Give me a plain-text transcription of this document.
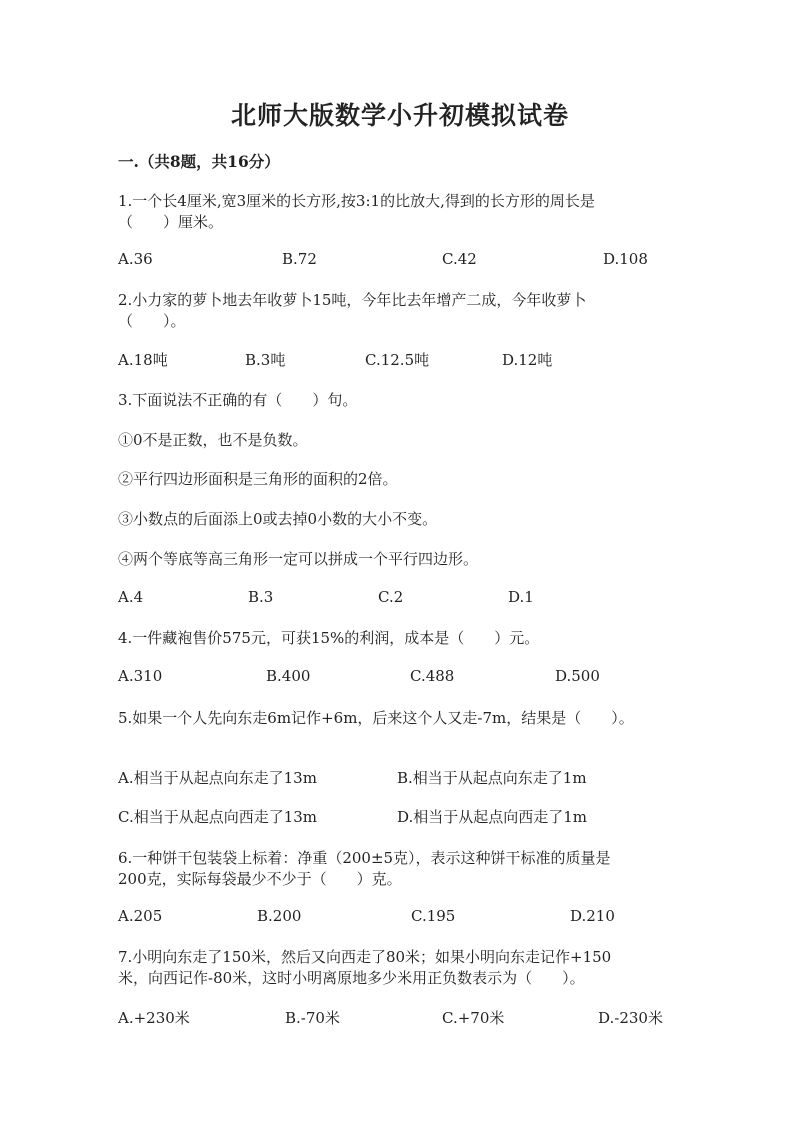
北师大版数学小升初模拟试卷
一.（共8题，共16分）
1.一个长4厘米,宽3厘米的长方形,按3:1的比放大,得到的长方形的周长是
（　　）厘米。
A.36	B.72	C.42	D.108
2.小力家的萝卜地去年收萝卜15吨，今年比去年增产二成，今年收萝卜
（　　）。
A.18吨	B.3吨	C.12.5吨	D.12吨
3.下面说法不正确的有（　　）句。
①0不是正数，也不是负数。
②平行四边形面积是三角形的面积的2倍。
③小数点的后面添上0或去掉0小数的大小不变。
④两个等底等高三角形一定可以拼成一个平行四边形。
A.4	B.3	C.2	D.1
4.一件藏袍售价575元，可获15%的利润，成本是（　　）元。
A.310	B.400	C.488	D.500
5.如果一个人先向东走6m记作+6m，后来这个人又走-7m，结果是（　　）。
A.相当于从起点向东走了13m	B.相当于从起点向东走了1m
C.相当于从起点向西走了13m	D.相当于从起点向西走了1m
6.一种饼干包装袋上标着：净重（200±5克），表示这种饼干标准的质量是
200克，实际每袋最少不少于（　　）克。
A.205	B.200	C.195	D.210
7.小明向东走了150米，然后又向西走了80米；如果小明向东走记作+150
米，向西记作-80米，这时小明离原地多少米用正负数表示为（　　）。
A.+230米	B.-70米	C.+70米	D.-230米
